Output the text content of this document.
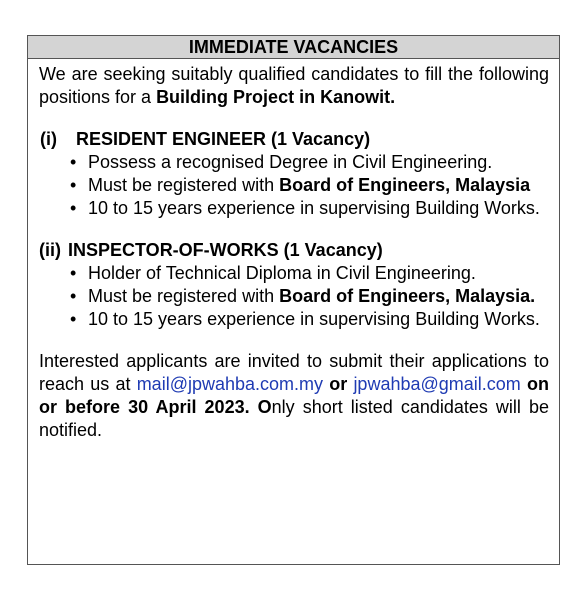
IMMEDIATE VACANCIES

We are seeking suitably qualified candidates to fill the following positions for a Building Project in Kanowit.

(i) RESIDENT ENGINEER (1 Vacancy)
• Possess a recognised Degree in Civil Engineering.
• Must be registered with Board of Engineers, Malaysia
• 10 to 15 years experience in supervising Building Works.
(ii) INSPECTOR-OF-WORKS (1 Vacancy)
• Holder of Technical Diploma in Civil Engineering.
• Must be registered with Board of Engineers, Malaysia.
• 10 to 15 years experience in supervising Building Works.

Interested applicants are invited to submit their applications to reach us at mail@jpwahba.com.my or jpwahba@gmail.com on or before 30 April 2023. Only short listed candidates will be notified.
